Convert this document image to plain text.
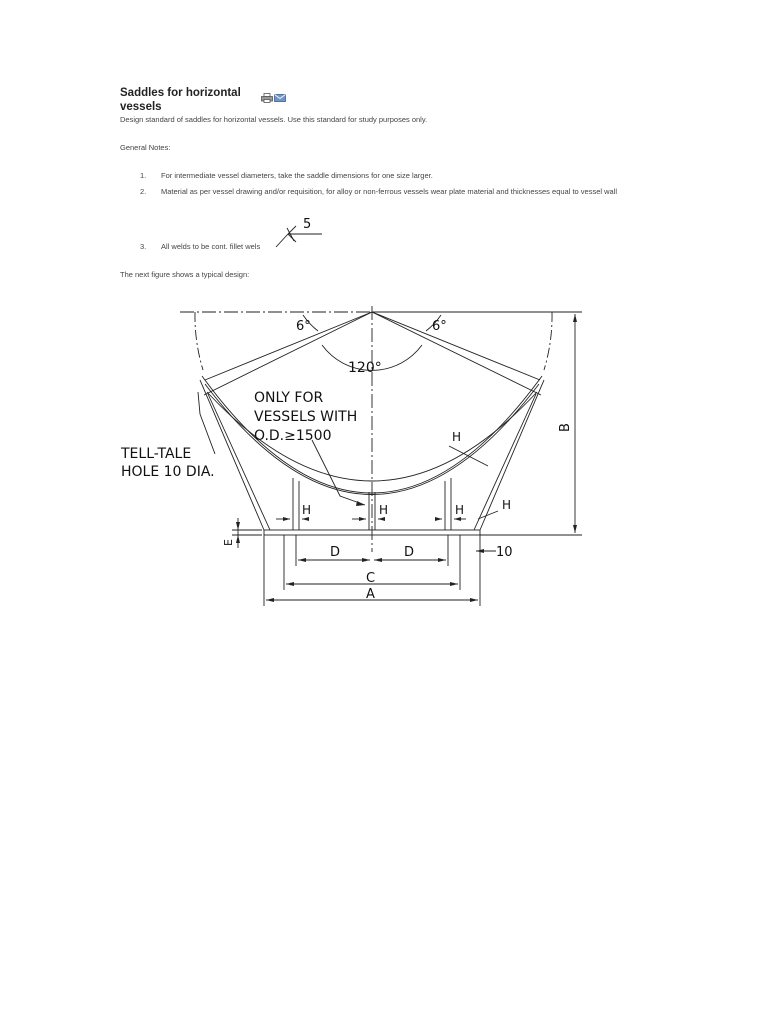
Saddles for horizontal vessels
Design standard of saddles for horizontal vessels. Use this standard for study purposes only.
General Notes:
1. For intermediate vessel diameters, take the saddle dimensions for one size larger.
2. Material as per vessel drawing and/or requisition, for alloy or non-ferrous vessels wear plate material and thicknesses equal to vessel wall
3. All welds to be cont. fillet wels
5
The next figure shows a typical design:
6°	6°
120°
ONLY FOR
VESSELS WITH
O.D.≥1500
TELL-TALE
HOLE 10 DIA.
H
H
H	H	H
B
E
D	D
C
A
10
